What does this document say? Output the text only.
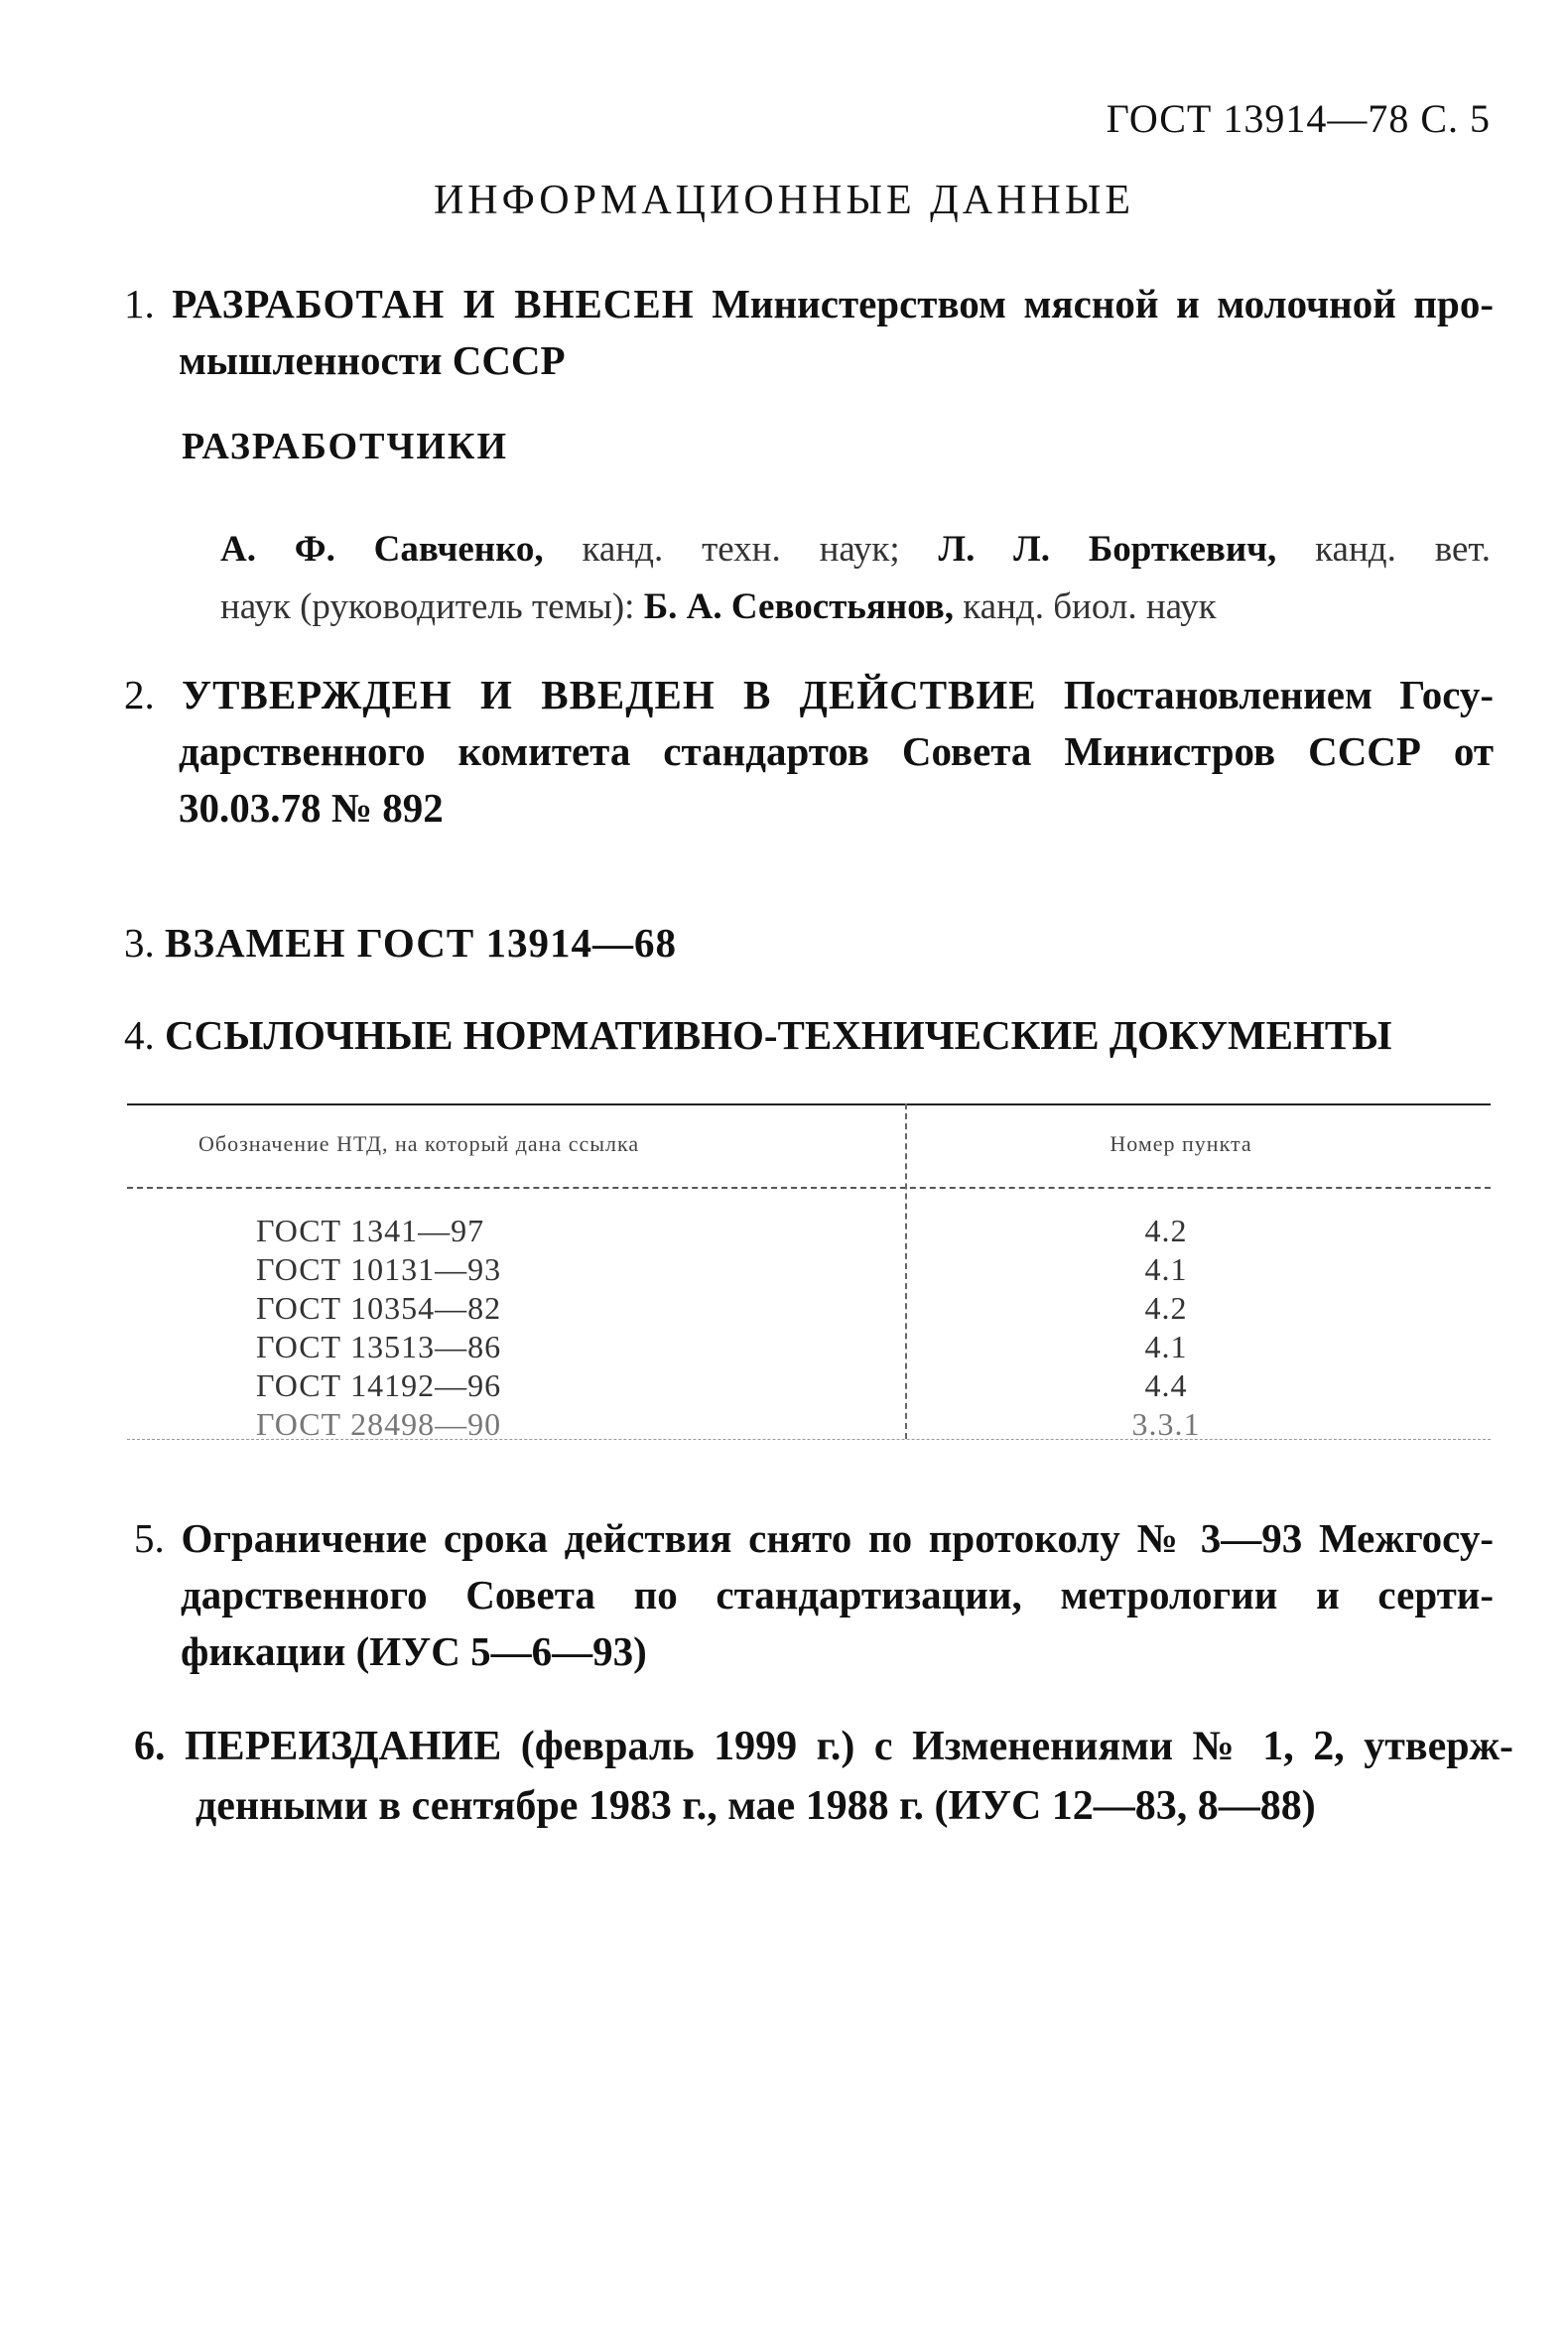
ГОСТ 13914—78 С. 5
ИНФОРМАЦИОННЫЕ ДАННЫЕ
1. РАЗРАБОТАН И ВНЕСЕН Министерством мясной и молочной про-
мышленности СССР
РАЗРАБОТЧИКИ
А. Ф. Савченко, канд. техн. наук; Л. Л. Борткевич, канд. вет.
наук (руководитель темы): Б. А. Севостьянов, канд. биол. наук
2. УТВЕРЖДЕН И ВВЕДЕН В ДЕЙСТВИЕ Постановлением Госу-
дарственного комитета стандартов Совета Министров СССР от
30.03.78 № 892
3. ВЗАМЕН ГОСТ 13914—68
4. ССЫЛОЧНЫЕ НОРМАТИВНО-ТЕХНИЧЕСКИЕ ДОКУМЕНТЫ
Обозначение НТД, на который дана ссылка	Номер пункта
ГОСТ 1341—97	4.2
ГОСТ 10131—93	4.1
ГОСТ 10354—82	4.2
ГОСТ 13513—86	4.1
ГОСТ 14192—96	4.4
ГОСТ 28498—90	3.3.1
5. Ограничение срока действия снято по протоколу № 3—93 Межгосу-
дарственного Совета по стандартизации, метрологии и серти-
фикации (ИУС 5—6—93)
6. ПЕРЕИЗДАНИЕ (февраль 1999 г.) с Изменениями № 1, 2, утверж-
денными в сентябре 1983 г., мае 1988 г. (ИУС 12—83, 8—88)
